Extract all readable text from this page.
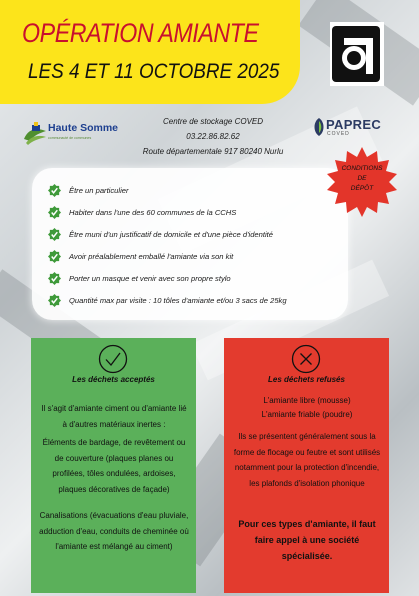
OPÉRATION AMIANTE
LES 4 ET 11 OCTOBRE 2025
Haute Somme
communauté de communes
Centre de stockage COVED
03.22.86.82.62
Route départementale 917 80240 Nurlu
PAPREC
COVED
Être un particulier
Habiter dans l'une des 60 communes de la CCHS
Être muni d'un justificatif de domicile et d'une pièce d'identité
Avoir préalablement emballé l'amiante via son kit
Porter un masque et venir avec son propre stylo
Quantité max par visite : 10 tôles d'amiante et/ou 3 sacs de 25kg
CONDITIONS
DE
DÉPÔT
Les déchets acceptés
Il s'agit d'amiante ciment ou d'amiante lié à d'autres matériaux inertes :
Éléments de bardage, de revêtement ou de couverture (plaques planes ou profilées, tôles ondulées, ardoises, plaques décoratives de façade)
Canalisations (évacuations d'eau pluviale, adduction d'eau, conduits de cheminée où l'amiante est mélangé au ciment)
Les déchets refusés
L'amiante libre (mousse)
L'amiante friable (poudre)
Ils se présentent généralement sous la forme de flocage ou feutre et sont utilisés notamment pour la protection d'incendie, les plafonds d'isolation phonique
Pour ces types d'amiante, il faut faire appel à une société spécialisée.
